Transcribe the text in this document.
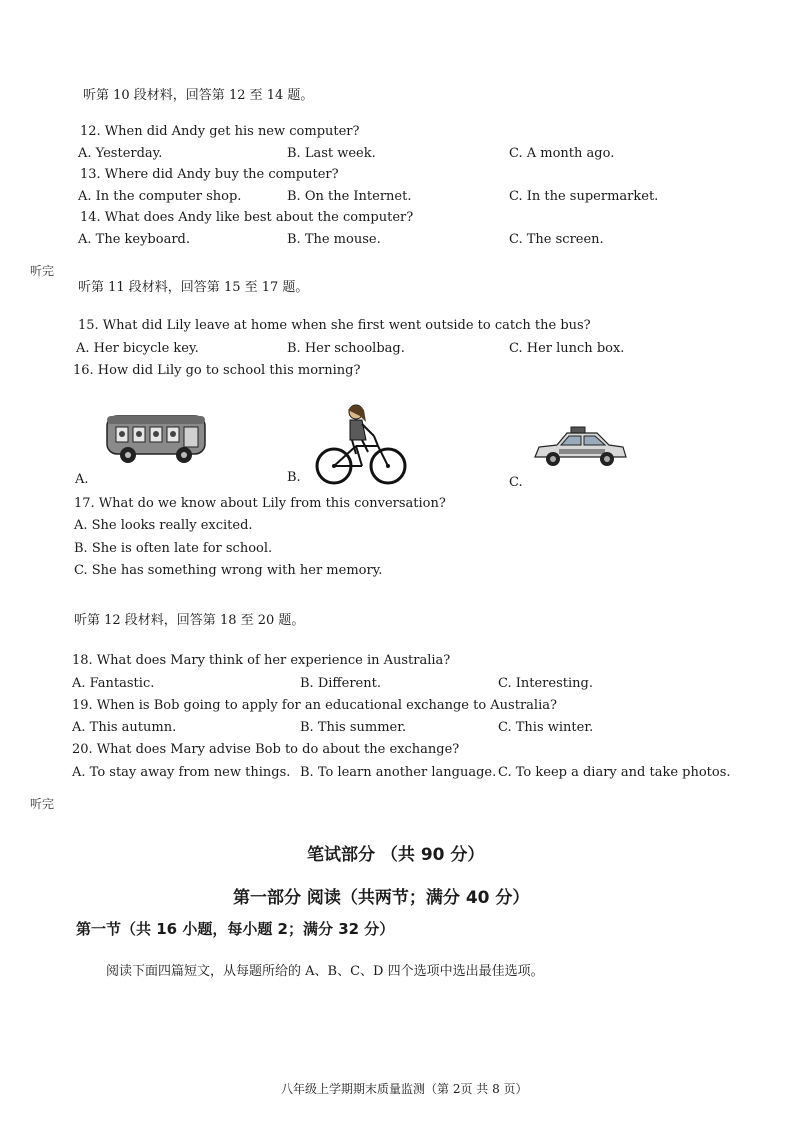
听第 10 段材料，回答第 12 至 14 题。
12. When did Andy get his new computer?
A. Yesterday.	B. Last week.	C. A month ago.
13. Where did Andy buy the computer?
A. In the computer shop.	B. On the Internet.	C. In the supermarket.
14. What does Andy like best about the computer?
A. The keyboard.	B. The mouse.	C. The screen.
听完
听第 11 段材料，回答第 15 至 17 题。
15. What did Lily leave at home when she first went outside to catch the bus?
A. Her bicycle key.	B. Her schoolbag.	C. Her lunch box.
16. How did Lily go to school this morning?
A.	B.	C.
17. What do we know about Lily from this conversation?
A. She looks really excited.
B. She is often late for school.
C. She has something wrong with her memory.
听第 12 段材料，回答第 18 至 20 题。
18. What does Mary think of her experience in Australia?
A. Fantastic.	B. Different.	C. Interesting.
19. When is Bob going to apply for an educational exchange to Australia?
A. This autumn.	B. This summer.	C. This winter.
20. What does Mary advise Bob to do about the exchange?
A. To stay away from new things. B. To learn another language. C. To keep a diary and take photos.
听完
笔试部分 （共 90 分）
第一部分 阅读（共两节；满分 40 分）
第一节（共 16 小题，每小题 2；满分 32 分）
阅读下面四篇短文，从每题所给的 A、B、C、D 四个选项中选出最佳选项。
八年级上学期期末质量监测（第 2页 共 8 页）
